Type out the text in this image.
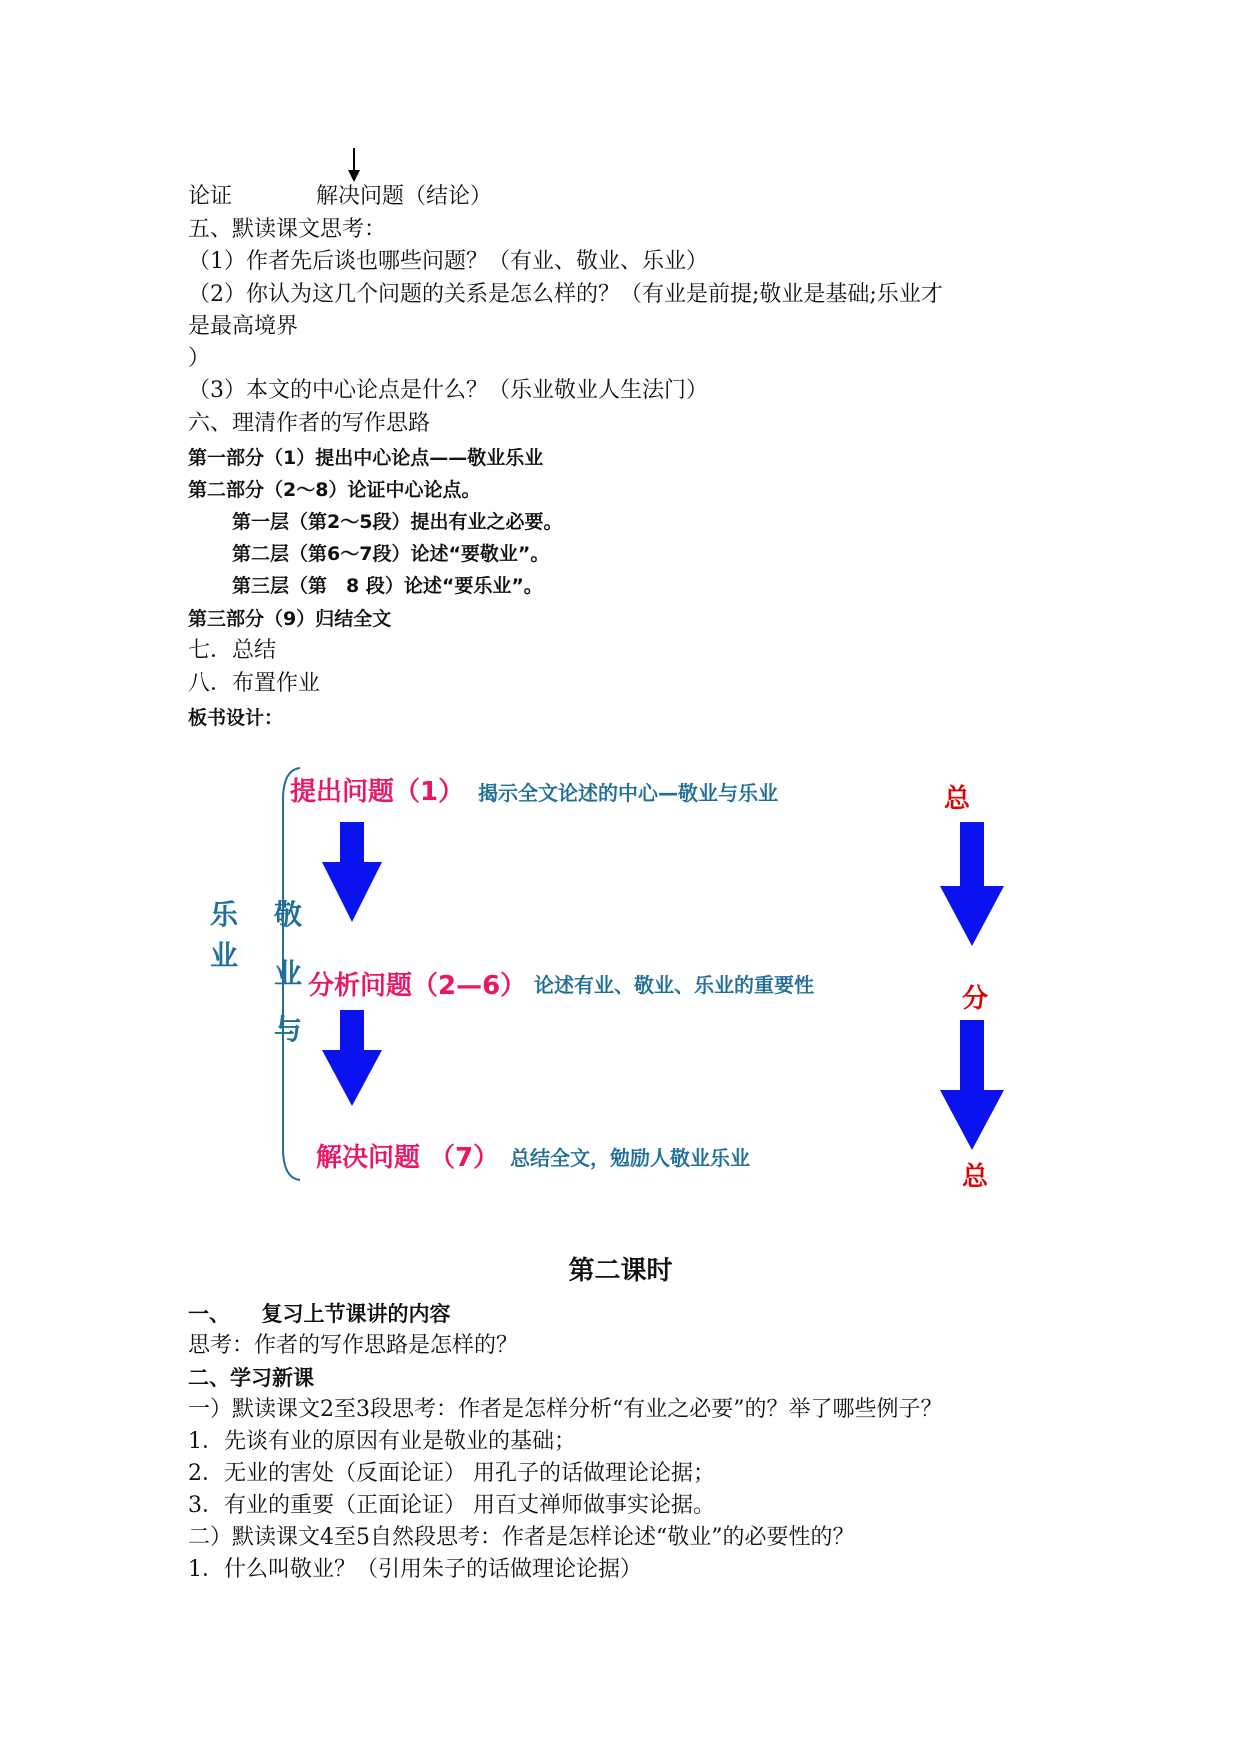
论证	解决问题（结论）
五、默读课文思考：
（1）作者先后谈也哪些问题？（有业、敬业、乐业）
（2）你认为这几个问题的关系是怎么样的？（有业是前提;敬业是基础;乐业才
是最高境界
）
（3）本文的中心论点是什么？（乐业敬业人生法门）
六、理清作者的写作思路
第一部分（1）提出中心论点——敬业乐业
第二部分（2～8）论证中心论点。
第一层（第2～5段）提出有业之必要。
第二层（第6～7段）论述“要敬业”。
第三层（第　8 段）论述“要乐业”。
第三部分（9）归结全文
七．总结
八．布置作业
板书设计：
乐
业
敬
业
与
提出问题（1） 揭示全文论述的中心—敬业与乐业
分析问题（2—6） 论述有业、敬业、乐业的重要性
解决问题 （7） 总结全文，勉励人敬业乐业
总
分
总
第二课时
一、　　复习上节课讲的内容
思考：作者的写作思路是怎样的？
二、学习新课
一）默读课文2至3段思考：作者是怎样分析“有业之必要”的？举了哪些例子？
1．先谈有业的原因有业是敬业的基础；
2．无业的害处（反面论证） 用孔子的话做理论论据；
3．有业的重要（正面论证） 用百丈禅师做事实论据。
二）默读课文4至5自然段思考：作者是怎样论述“敬业”的必要性的？
1．什么叫敬业？（引用朱子的话做理论论据）
